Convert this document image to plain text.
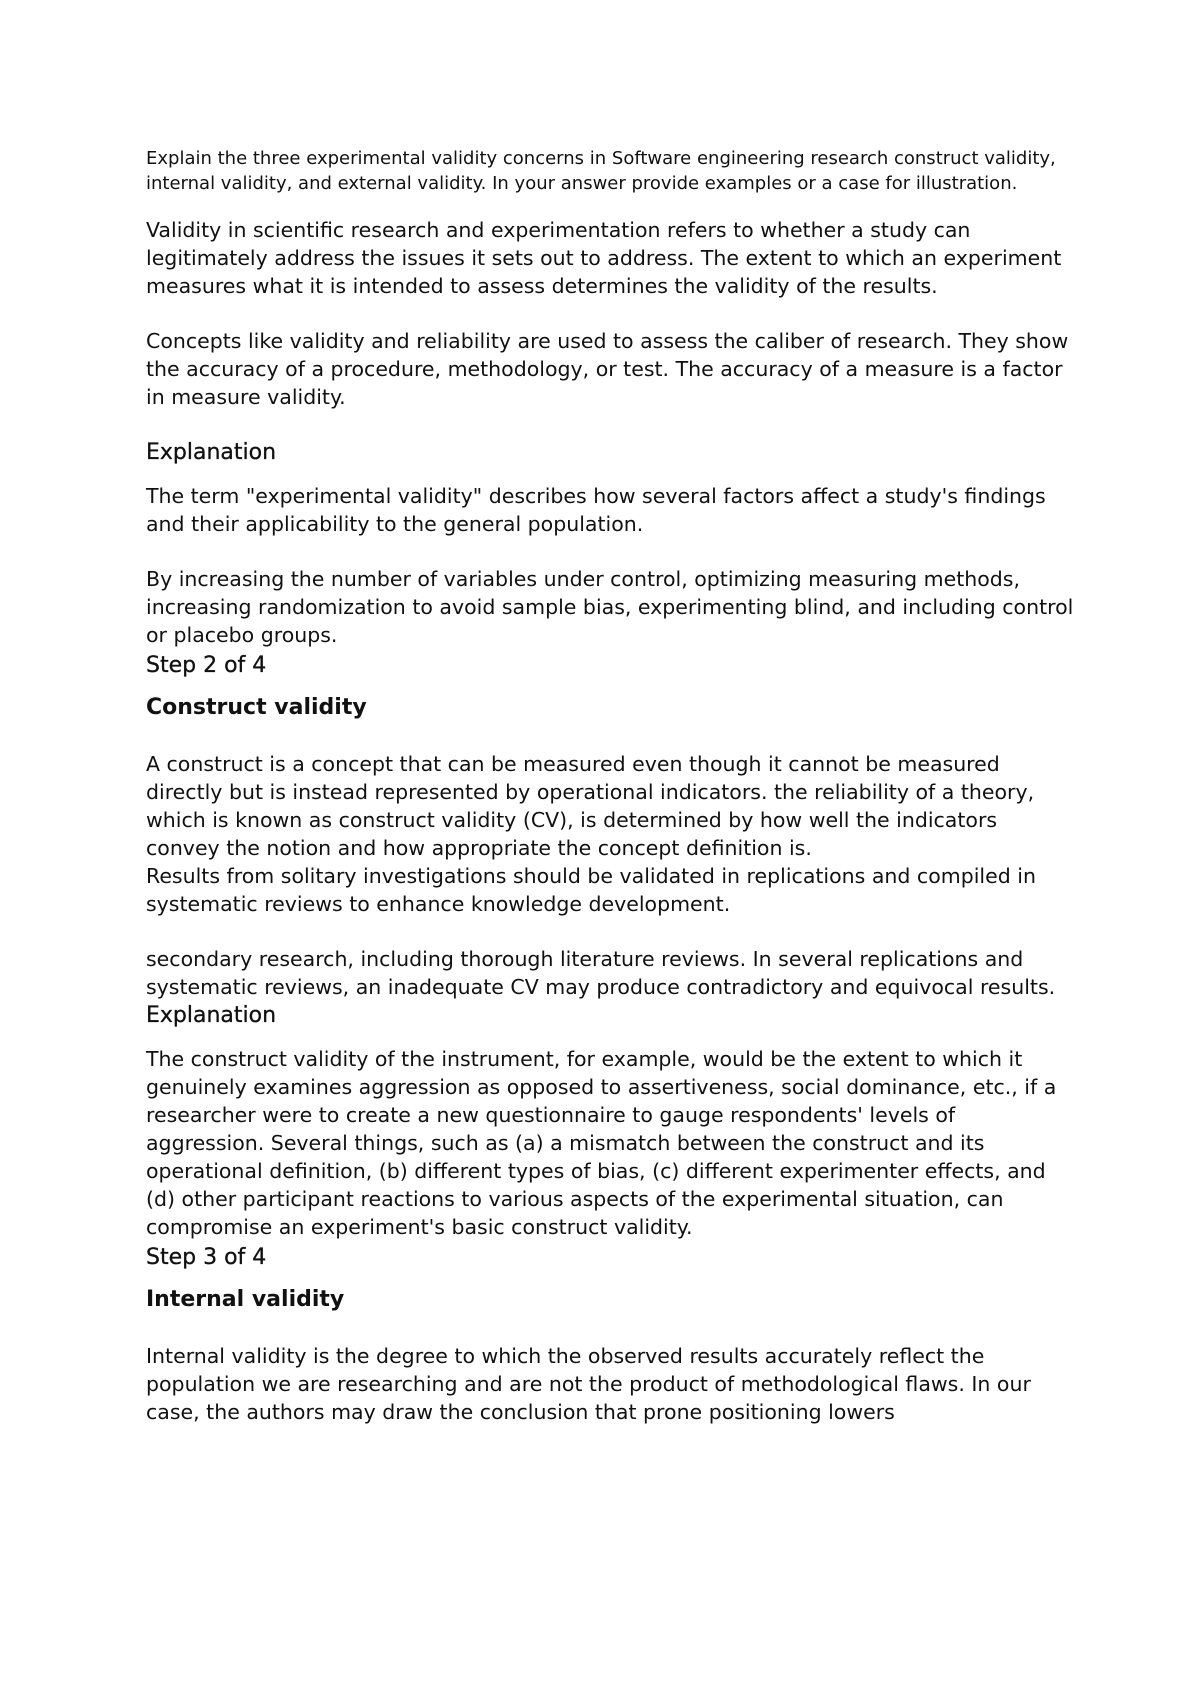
Explain the three experimental validity concerns in Software engineering research construct validity, internal validity, and external validity. In your answer provide examples or a case for illustration.

Validity in scientific research and experimentation refers to whether a study can legitimately address the issues it sets out to address. The extent to which an experiment measures what it is intended to assess determines the validity of the results.

Concepts like validity and reliability are used to assess the caliber of research. They show the accuracy of a procedure, methodology, or test. The accuracy of a measure is a factor in measure validity.

Explanation

The term "experimental validity" describes how several factors affect a study's findings and their applicability to the general population.

By increasing the number of variables under control, optimizing measuring methods, increasing randomization to avoid sample bias, experimenting blind, and including control or placebo groups.

Step 2 of 4
Construct validity

A construct is a concept that can be measured even though it cannot be measured directly but is instead represented by operational indicators. the reliability of a theory, which is known as construct validity (CV), is determined by how well the indicators convey the notion and how appropriate the concept definition is.

Results from solitary investigations should be validated in replications and compiled in systematic reviews to enhance knowledge development.

secondary research, including thorough literature reviews. In several replications and systematic reviews, an inadequate CV may produce contradictory and equivocal results.

Explanation

The construct validity of the instrument, for example, would be the extent to which it genuinely examines aggression as opposed to assertiveness, social dominance, etc., if a researcher were to create a new questionnaire to gauge respondents' levels of aggression. Several things, such as (a) a mismatch between the construct and its operational definition, (b) different types of bias, (c) different experimenter effects, and (d) other participant reactions to various aspects of the experimental situation, can compromise an experiment's basic construct validity.

Step 3 of 4
Internal validity

Internal validity is the degree to which the observed results accurately reflect the population we are researching and are not the product of methodological flaws. In our case, the authors may draw the conclusion that prone positioning lowers
